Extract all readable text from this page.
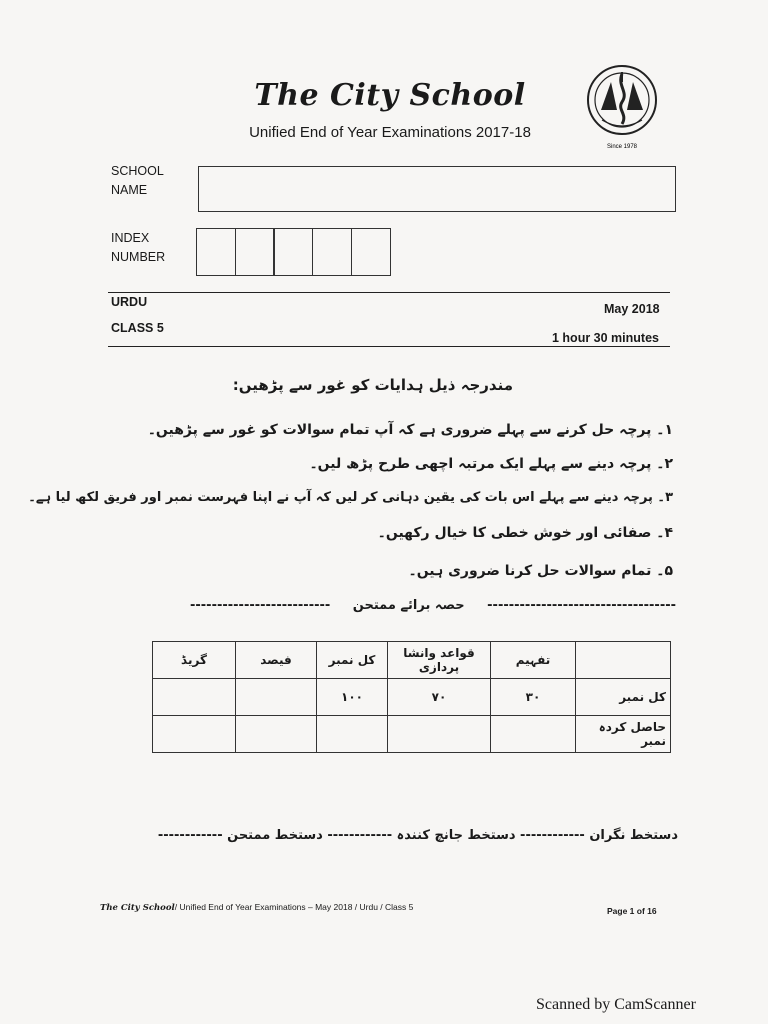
The City School
Unified End of Year Examinations 2017-18
Since 1978
SCHOOL NAME
INDEX NUMBER
URDU	May 2018
CLASS 5
1 hour 30 minutes
مندرجہ ذیل ہدایات کو غور سے پڑھیں:
۱۔ پرچہ حل کرنے سے پہلے ضروری ہے کہ آپ تمام سوالات کو غور سے پڑھیں۔
۲۔ پرچہ دینے سے پہلے ایک مرتبہ اچھی طرح پڑھ لیں۔
۳۔ پرچہ دینے سے پہلے اس بات کی یقین دہانی کر لیں کہ آپ نے اپنا فہرست نمبر اور فریق لکھ لیا ہے۔
۴۔ صفائی اور خوش خطی کا خیال رکھیں۔
۵۔ تمام سوالات حل کرنا ضروری ہیں۔
-------------------------- حصہ برائے ممتحن -----------------------------------
گریڈ	فیصد	کل نمبر	قواعد وانشا پردازی	تفہیم	
		۱۰۰	۷۰	۳۰	کل نمبر
					حاصل کردہ نمبر
دستخط نگران ------------ دستخط جانچ کنندہ ------------ دستخط ممتحن ------------
The City School/ Unified End of Year Examinations – May 2018 / Urdu / Class 5	Page 1 of 16
Scanned by CamScanner
